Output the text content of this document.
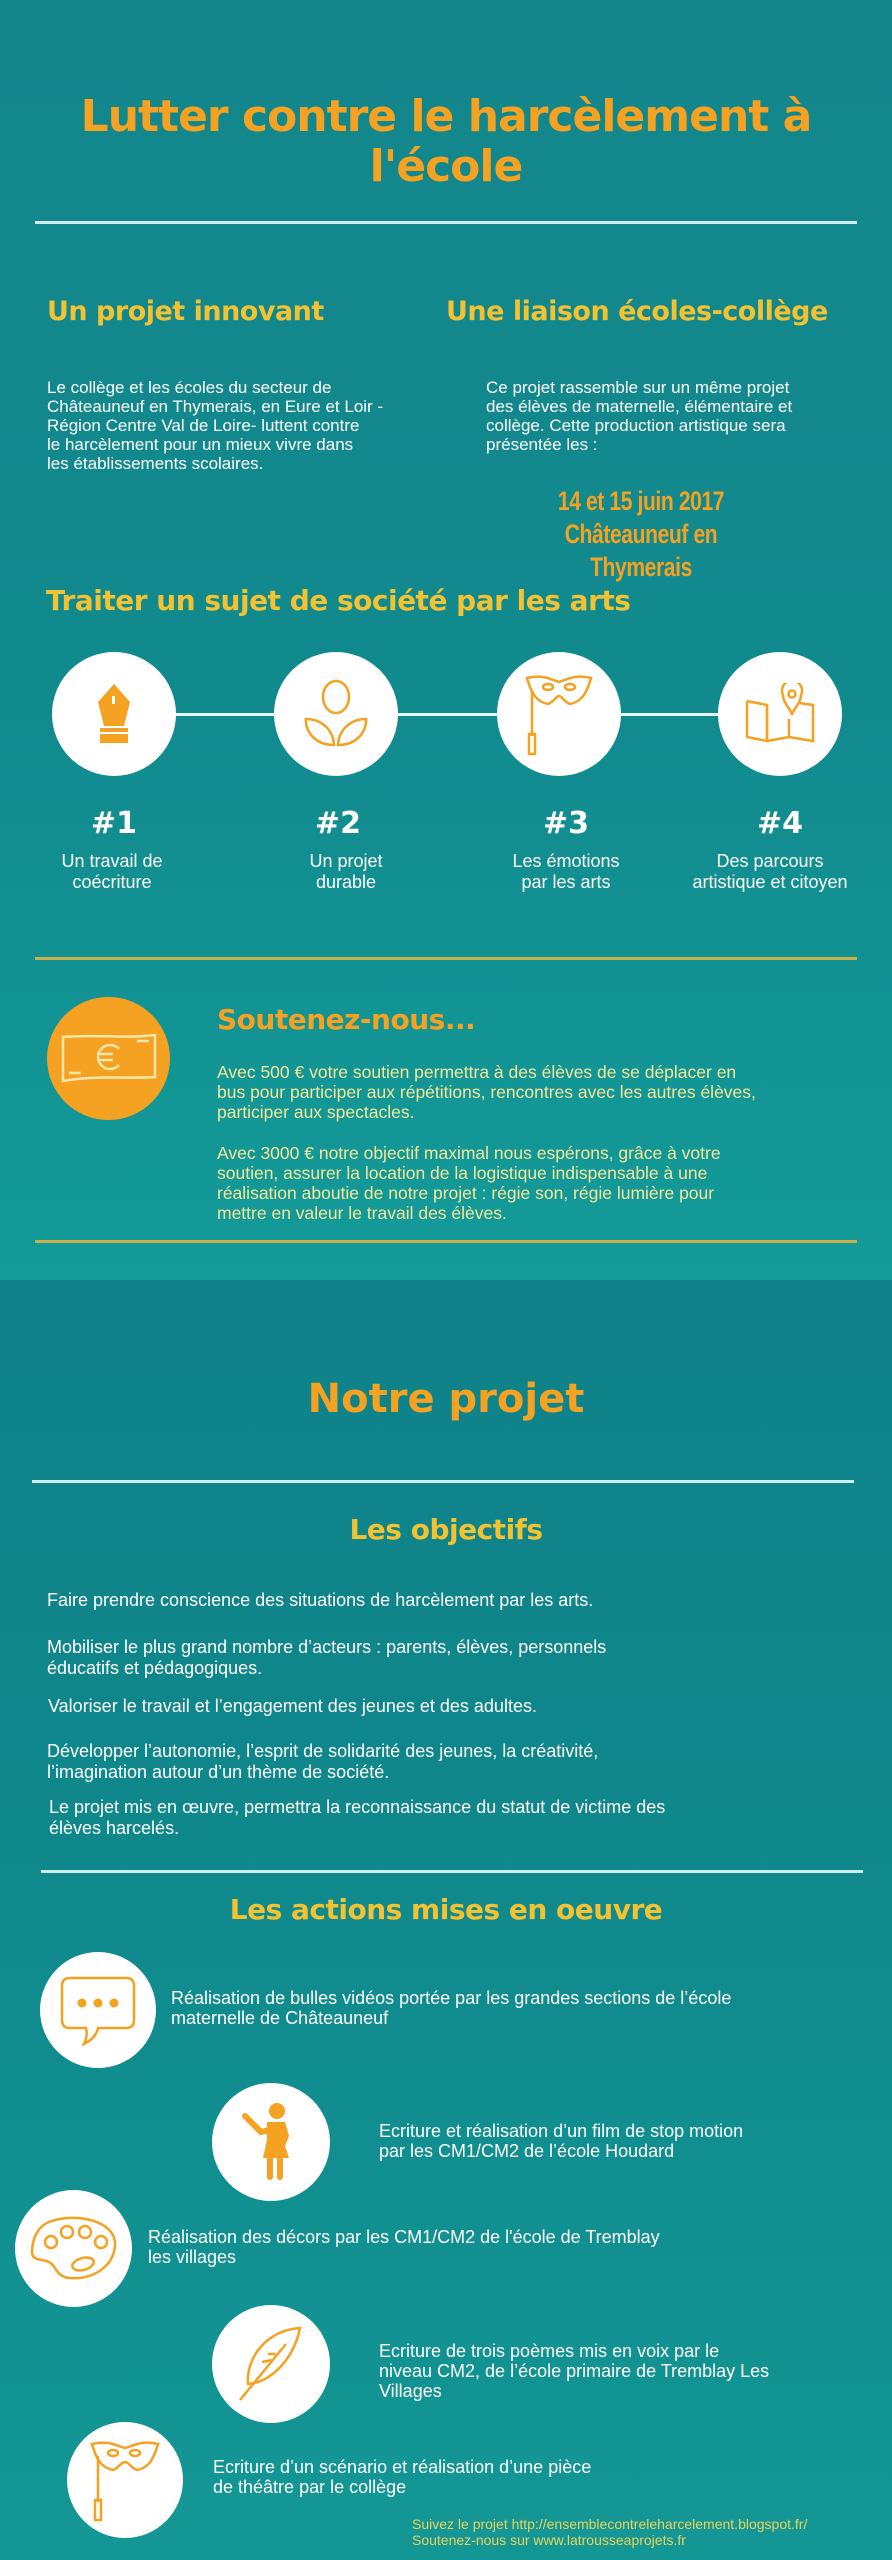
Lutter contre le harcèlement à
l'école
Un projet innovant
Le collège et les écoles du secteur de
Châteauneuf en Thymerais, en Eure et Loir -
Région Centre Val de Loire- luttent contre
le harcèlement pour un mieux vivre dans
les établissements scolaires.
Une liaison écoles-collège
Ce projet rassemble sur un même projet
des élèves de maternelle, élémentaire et
collège. Cette production artistique sera
présentée les :
14 et 15 juin 2017
Châteauneuf en Thymerais
Traiter un sujet de société par les arts
#1	#2	#3	#4
Un travail de
coécriture
Un projet
durable
Les émotions
par les arts
Des parcours
artistique et citoyen
Soutenez-nous...
Avec 500 € votre soutien permettra à des élèves de se déplacer en
bus pour participer aux répétitions, rencontres avec les autres élèves,
participer aux spectacles.
Avec 3000 € notre objectif maximal nous espérons, grâce à votre
soutien, assurer la location de la logistique indispensable à une
réalisation aboutie de notre projet : régie son, régie lumière pour
mettre en valeur le travail des élèves.
Notre projet
Les objectifs
Faire prendre conscience des situations de harcèlement par les arts.
Mobiliser le plus grand nombre d’acteurs : parents, élèves, personnels
éducatifs et pédagogiques.
Valoriser le travail et l’engagement des jeunes et des adultes.
Développer l’autonomie, l’esprit de solidarité des jeunes, la créativité,
l’imagination autour d’un thème de société.
Le projet mis en œuvre, permettra la reconnaissance du statut de victime des
élèves harcelés.
Les actions mises en oeuvre
Réalisation de bulles vidéos portée par les grandes sections de l’école
maternelle de Châteauneuf
Ecriture et réalisation d’un film de stop motion
par les CM1/CM2 de l’école Houdard
Réalisation des décors par les CM1/CM2 de l'école de Tremblay
les villages
Ecriture de trois poèmes mis en voix par le
niveau CM2, de l’école primaire de Tremblay Les
Villages
Ecriture d’un scénario et réalisation d’une pièce
de théâtre par le collège
Suivez le projet http://ensemblecontreleharcelement.blogspot.fr/
Soutenez-nous sur www.latrousseaprojets.fr
